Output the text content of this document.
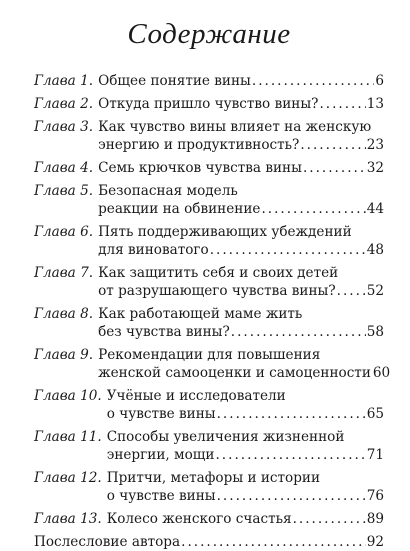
Содержание
Глава 1. Общее понятие вины .....	6
Глава 2. Откуда пришло чувство вины? .....	13
Глава 3. Как чувство вины влияет на женскую
энергию и продуктивность? .....	23
Глава 4. Семь крючков чувства вины .....	32
Глава 5. Безопасная модель
реакции на обвинение .....	44
Глава 6. Пять поддерживающих убеждений
для виноватого .....	48
Глава 7. Как защитить себя и своих детей
от разрушающего чувства вины? ..... 52
Глава 8. Как работающей маме жить
без чувства вины? .....	58
Глава 9. Рекомендации для повышения
женской самооценки и самоценности 60
Глава 10. Учёные и исследователи
о чувстве вины .....	65
Глава 11. Способы увеличения жизненной
энергии, мощи .....	71
Глава 12. Притчи, метафоры и истории
о чувстве вины .....	76
Глава 13. Колесо женского счастья .....	89
Послесловие автора .....	92
